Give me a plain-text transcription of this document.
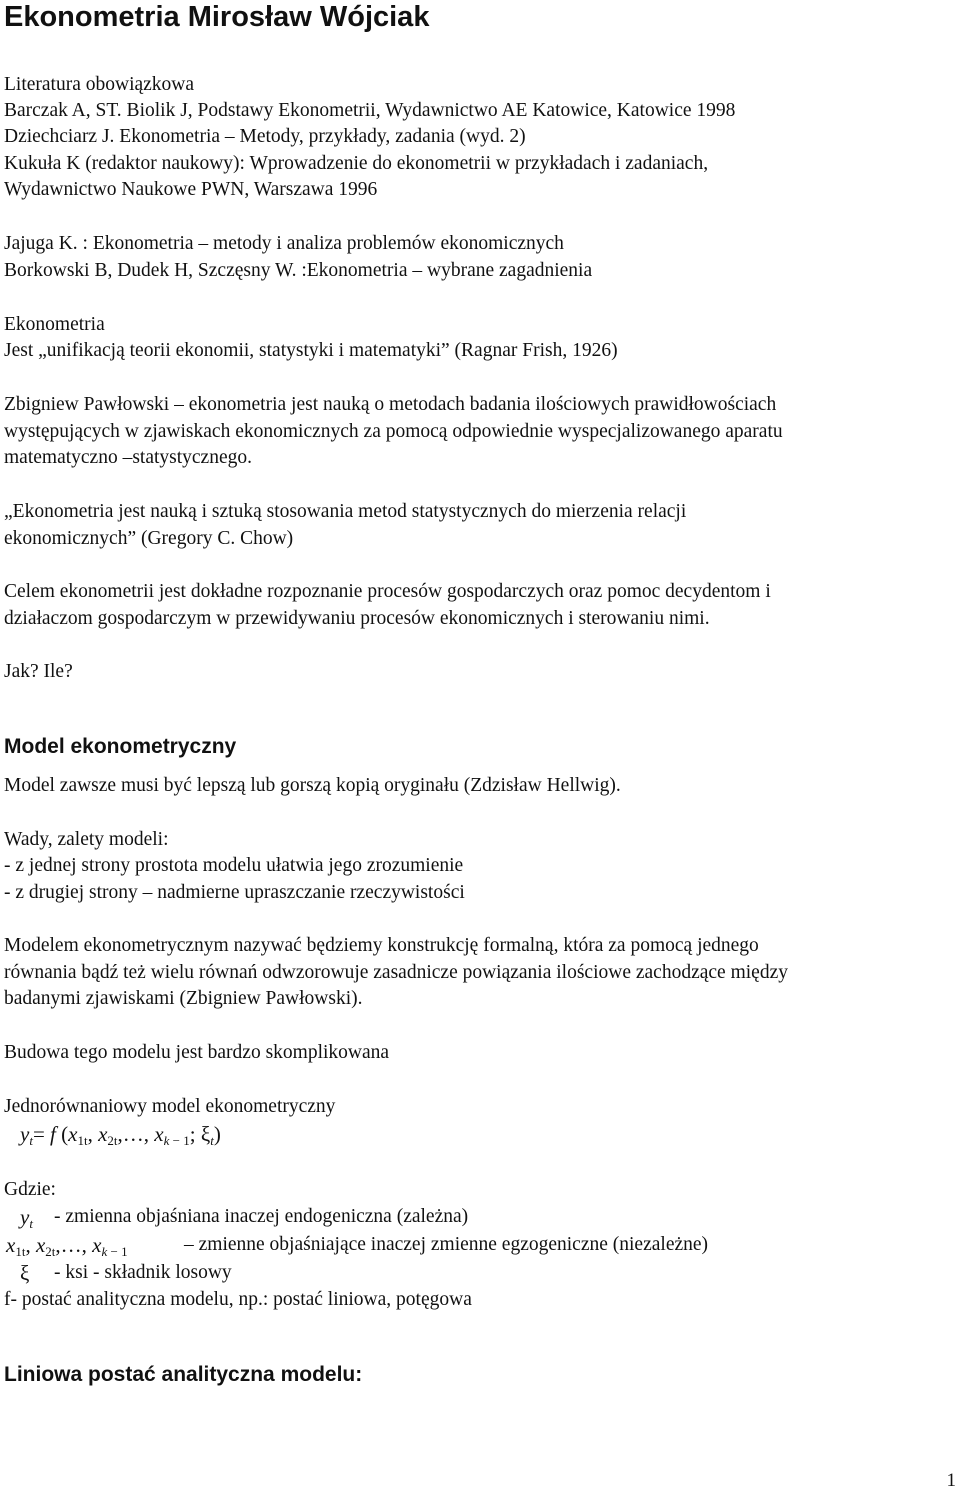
Ekonometria Mirosław Wójciak
Literatura obowiązkowa
Barczak A, ST. Biolik J, Podstawy Ekonometrii, Wydawnictwo AE Katowice, Katowice 1998
Dziechciarz J. Ekonometria – Metody, przykłady, zadania (wyd. 2)
Kukuła K (redaktor naukowy): Wprowadzenie do ekonometrii w przykładach i zadaniach,
Wydawnictwo Naukowe PWN, Warszawa 1996
Jajuga K. : Ekonometria – metody i analiza problemów ekonomicznych
Borkowski B, Dudek H, Szczęsny W. :Ekonometria – wybrane zagadnienia
Ekonometria
Jest „unifikacją teorii ekonomii, statystyki i matematyki” (Ragnar Frish, 1926)
Zbigniew Pawłowski – ekonometria jest nauką o metodach badania ilościowych prawidłowościach
występujących w zjawiskach ekonomicznych za pomocą odpowiednie wyspecjalizowanego aparatu
matematyczno –statystycznego.
„Ekonometria jest nauką i sztuką stosowania metod statystycznych do mierzenia relacji
ekonomicznych” (Gregory C. Chow)
Celem ekonometrii jest dokładne rozpoznanie procesów gospodarczych oraz pomoc decydentom i
działaczom gospodarczym w przewidywaniu procesów ekonomicznych i sterowaniu nimi.
Jak? Ile?
Model ekonometryczny
Model zawsze musi być lepszą lub gorszą kopią oryginału (Zdzisław Hellwig).
Wady, zalety modeli:
- z jednej strony prostota modelu ułatwia jego zrozumienie
- z drugiej strony – nadmierne upraszczanie rzeczywistości
Modelem ekonometrycznym nazywać będziemy konstrukcję formalną, która za pomocą jednego
równania bądź też wielu równań odwzorowuje zasadnicze powiązania ilościowe zachodzące między
badanymi zjawiskami (Zbigniew Pawłowski).
Budowa tego modelu jest bardzo skomplikowana
Jednorównaniowy model ekonometryczny
$y_t= f$ ($x_{1t}$, $x_{2t},\dots$, $x_{k - 1}$; $\xi_t$)
Gdzie:
$y_t$ - zmienna objaśniana inaczej endogeniczna (zależna)
$x_{1t}$, $x_{2t},\dots$, $x_{k - 1}$	– zmienne objaśniające inaczej zmienne egzogeniczne (niezależne)
ξ - ksi - składnik losowy
f- postać analityczna modelu, np.: postać liniowa, potęgowa
Liniowa postać analityczna modelu:
1
